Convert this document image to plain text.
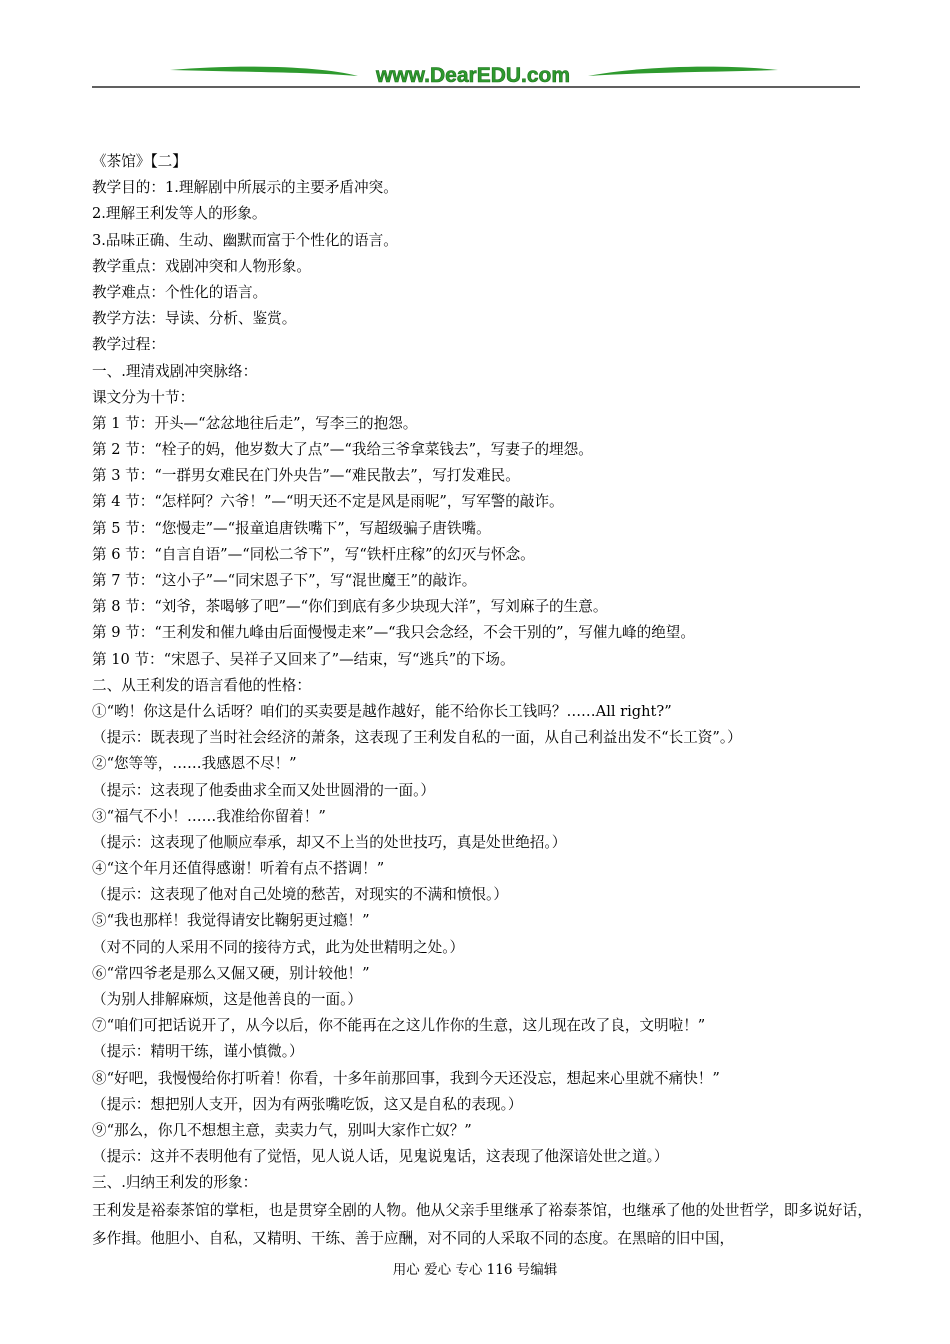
www.DearEDU.com
《茶馆》【二】
教学目的：1.理解剧中所展示的主要矛盾冲突。
2.理解王利发等人的形象。
3.品味正确、生动、幽默而富于个性化的语言。
教学重点：戏剧冲突和人物形象。
教学难点：个性化的语言。
教学方法：导读、分析、鉴赏。
教学过程：
一、.理清戏剧冲突脉络：
课文分为十节：
第 1 节：开头—“忿忿地往后走”，写李三的抱怨。
第 2 节：“栓子的妈，他岁数大了点”—“我给三爷拿菜钱去”，写妻子的埋怨。
第 3 节：“一群男女难民在门外央告”—“难民散去”，写打发难民。
第 4 节：“怎样阿？六爷！”—“明天还不定是风是雨呢”，写军警的敲诈。
第 5 节：“您慢走”—“报童追唐铁嘴下”，写超级骗子唐铁嘴。
第 6 节：“自言自语”—“同松二爷下”，写“铁杆庄稼”的幻灭与怀念。
第 7 节：“这小子”—“同宋恩子下”，写“混世魔王”的敲诈。
第 8 节：“刘爷，茶喝够了吧”—“你们到底有多少块现大洋”，写刘麻子的生意。
第 9 节：“王利发和催九峰由后面慢慢走来”—“我只会念经，不会干别的”，写催九峰的绝望。
第 10 节：“宋恩子、吴祥子又回来了”—结束，写“逃兵”的下场。
二、从王利发的语言看他的性格：
①“哟！你这是什么话呀？咱们的买卖要是越作越好，能不给你长工钱吗？……All right?”
（提示：既表现了当时社会经济的萧条，这表现了王利发自私的一面，从自己利益出发不“长工资”。）
②“您等等，……我感恩不尽！”
（提示：这表现了他委曲求全而又处世圆滑的一面。）
③“福气不小！……我准给你留着！”
（提示：这表现了他顺应奉承，却又不上当的处世技巧，真是处世绝招。）
④“这个年月还值得感谢！听着有点不搭调！”
（提示：这表现了他对自己处境的愁苦，对现实的不满和愤恨。）
⑤“我也那样！我觉得请安比鞠躬更过瘾！”
（对不同的人采用不同的接待方式，此为处世精明之处。）
⑥“常四爷老是那么又倔又硬，别计较他！”
（为别人排解麻烦，这是他善良的一面。）
⑦“咱们可把话说开了，从今以后，你不能再在之这儿作你的生意，这儿现在改了良，文明啦！”
（提示：精明干练，谨小慎微。）
⑧“好吧，我慢慢给你打听着！你看，十多年前那回事，我到今天还没忘，想起来心里就不痛快！”
（提示：想把别人支开，因为有两张嘴吃饭，这又是自私的表现。）
⑨“那么，你几不想想主意，卖卖力气，别叫大家作亡奴？”
（提示：这并不表明他有了觉悟，见人说人话，见鬼说鬼话，这表现了他深谙处世之道。）
三、.归纳王利发的形象：
王利发是裕泰茶馆的掌柜，也是贯穿全剧的人物。他从父亲手里继承了裕泰茶馆，也继承了他的处世哲学，即多说好话，多作揖。他胆小、自私，又精明、干练、善于应酬，对不同的人采取不同的态度。在黑暗的旧中国，
用心 爱心 专心 116 号编辑
